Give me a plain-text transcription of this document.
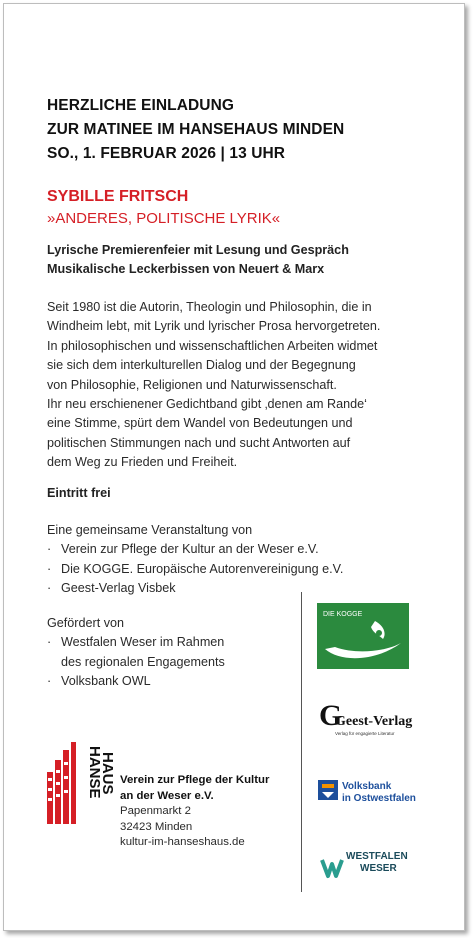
HERZLICHE EINLADUNG
ZUR MATINEE IM HANSEHAUS MINDEN
SO., 1. FEBRUAR 2026 | 13 UHR
SYBILLE FRITSCH
»ANDERES, POLITISCHE LYRIK«
Lyrische Premierenfeier mit Lesung und Gespräch
Musikalische Leckerbissen von Neuert & Marx
Seit 1980 ist die Autorin, Theologin und Philosophin, die in
Windheim lebt, mit Lyrik und lyrischer Prosa hervorgetreten.
In philosophischen und wissenschaftlichen Arbeiten widmet
sie sich dem interkulturellen Dialog und der Begegnung
von Philosophie, Religionen und Naturwissenschaft.
Ihr neu erschienener Gedichtband gibt ‚denen am Rande‘
eine Stimme, spürt dem Wandel von Bedeutungen und
politischen Stimmungen nach und sucht Antworten auf
dem Weg zu Frieden und Freiheit.
Eintritt frei
Eine gemeinsame Veranstaltung von
· Verein zur Pflege der Kultur an der Weser e.V.
· Die KOGGE. Europäische Autorenvereinigung e.V.
· Geest-Verlag Visbek
Gefördert von
· Westfalen Weser im Rahmen
des regionalen Engagements
· Volksbank OWL
HANSE
HAUS Verein zur Pflege der Kultur
an der Weser e.V.
Papenmarkt 2
32423 Minden
kultur-im-hanseshaus.de
DIE KOGGE
G
Geest-Verlag
Verlag für engagierte Literatur
Volksbank
in Ostwestfalen
WESTFALEN
WESER
